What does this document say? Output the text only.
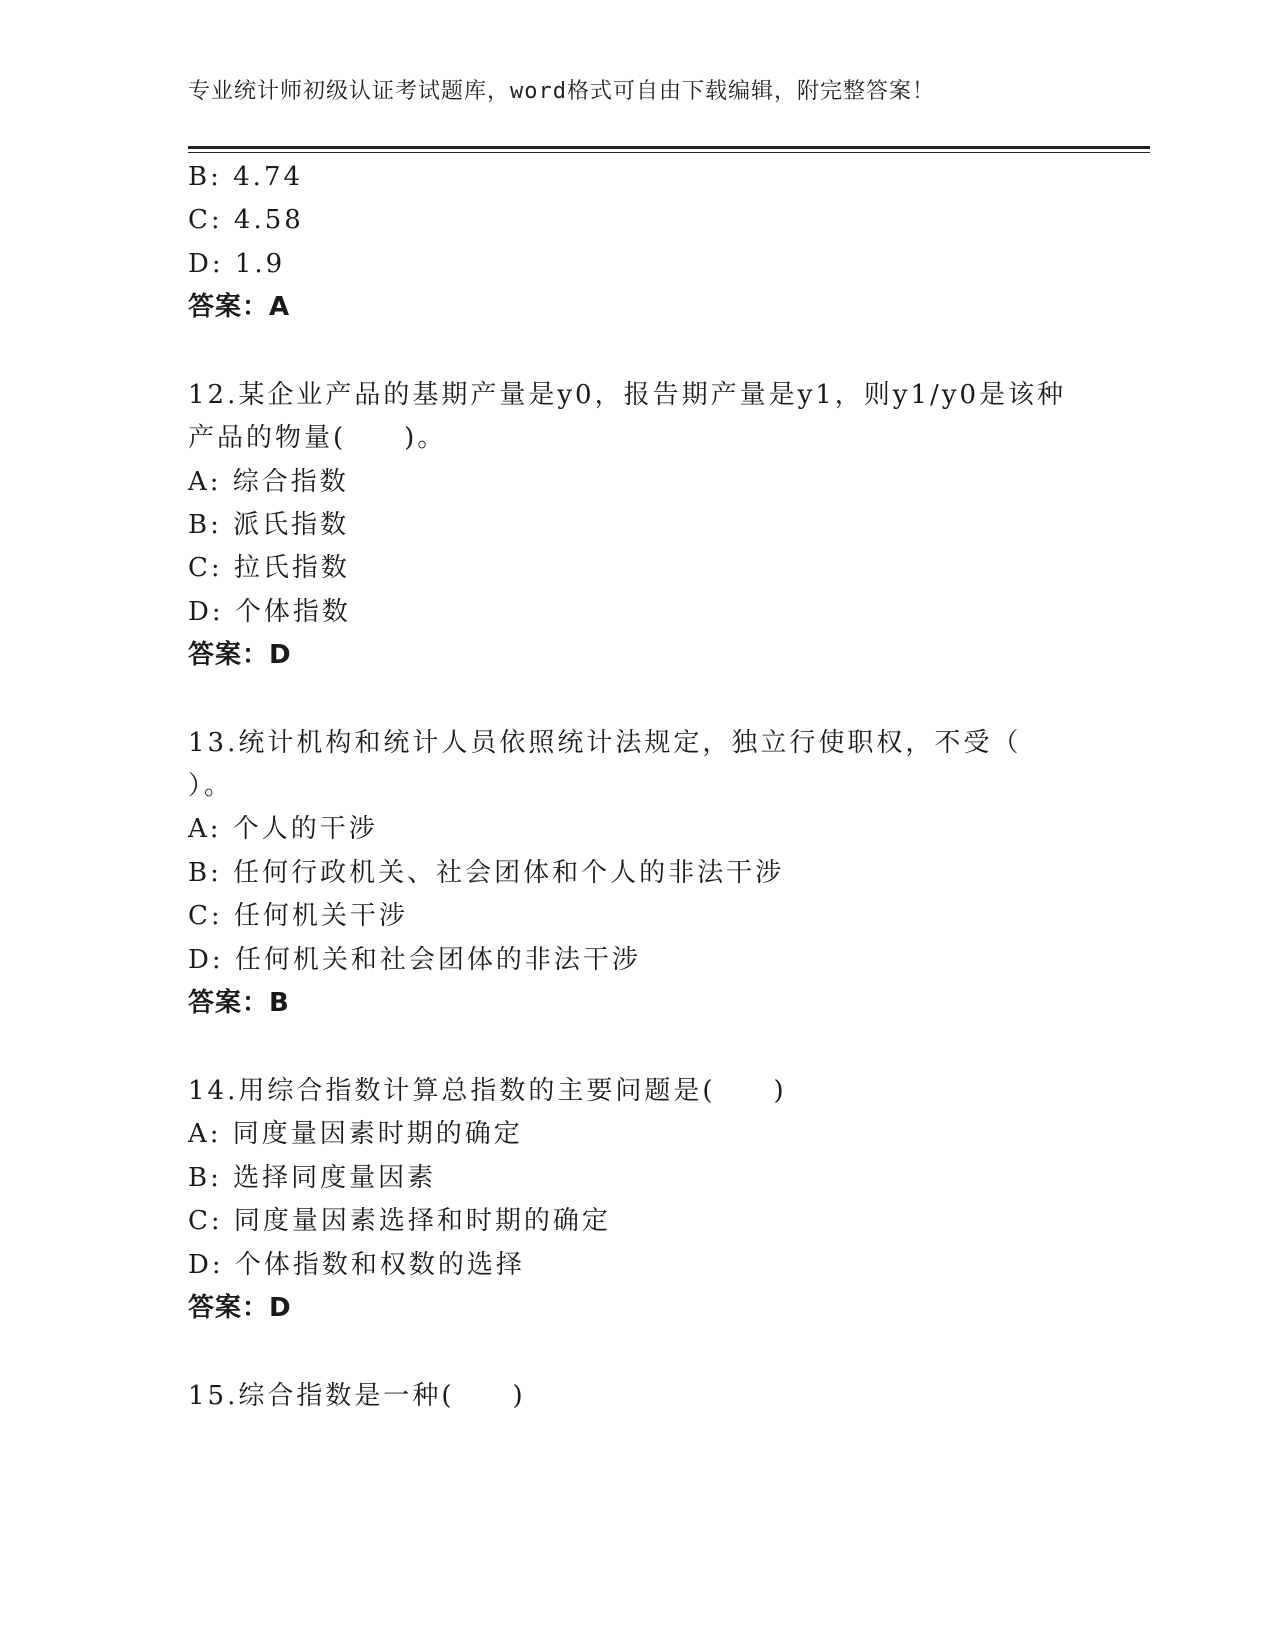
专业统计师初级认证考试题库，word格式可自由下载编辑，附完整答案！
B: 4.74
C: 4.58
D: 1.9
答案：A
12.某企业产品的基期产量是y0，报告期产量是y1，则y1/y0是该种
产品的物量(　　)。
A: 综合指数
B: 派氏指数
C: 拉氏指数
D: 个体指数
答案：D
13.统计机构和统计人员依照统计法规定，独立行使职权，不受（
）。
A: 个人的干涉
B: 任何行政机关、社会团体和个人的非法干涉
C: 任何机关干涉
D: 任何机关和社会团体的非法干涉
答案：B
14.用综合指数计算总指数的主要问题是(　　)
A: 同度量因素时期的确定
B: 选择同度量因素
C: 同度量因素选择和时期的确定
D: 个体指数和权数的选择
答案：D
15.综合指数是一种(　　)
